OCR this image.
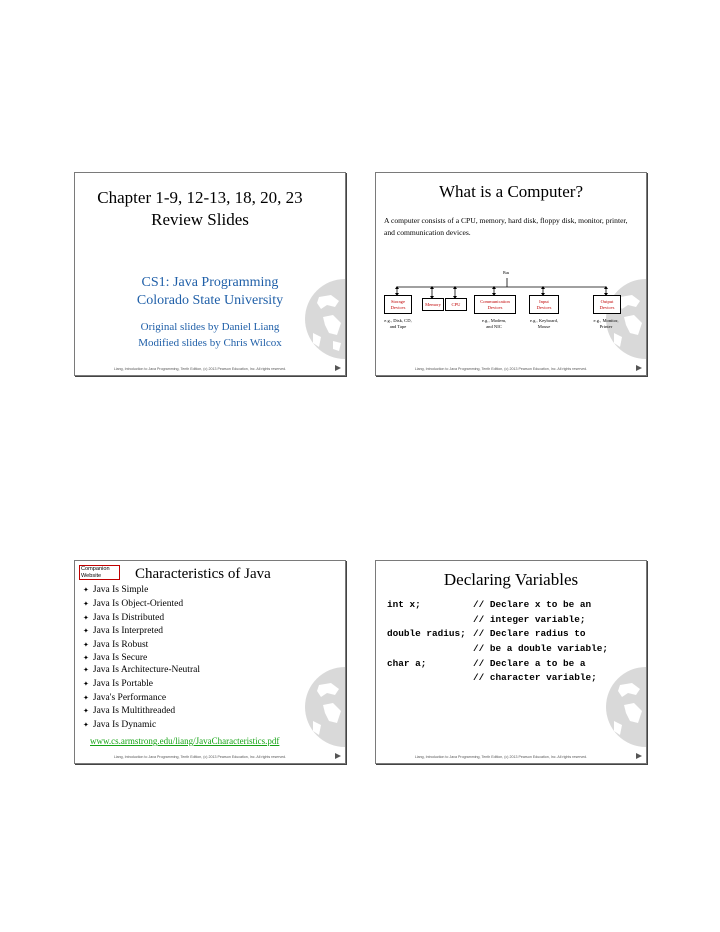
Chapter 1-9, 12-13, 18, 20, 23
Review Slides
CS1: Java Programming
Colorado State University
Original slides by Daniel Liang
Modified slides by Chris Wilcox
Liang, Introduction to Java Programming, Tenth Edition, (c) 2013 Pearson Education, Inc. All rights reserved.
What is a Computer?
A computer consists of a CPU, memory, hard disk, floppy disk, monitor, printer, and communication devices.
Bus
Storage
Devices
Memory CPU
Communication
Devices
Input
Devices
Output
Devices
e.g., Disk, CD,
and Tape
e.g., Modem,
and NIC
e.g., Keyboard,
Mouse
e.g., Monitor,
Printer
Liang, Introduction to Java Programming, Tenth Edition, (c) 2013 Pearson Education, Inc. All rights reserved.
Companion
Website	Characteristics of Java
✦ Java Is Simple
✦ Java Is Object-Oriented
✦ Java Is Distributed
✦ Java Is Interpreted
✦ Java Is Robust
✦ Java Is Secure
✦ Java Is Architecture-Neutral
✦ Java Is Portable
✦ Java's Performance
✦ Java Is Multithreaded
✦ Java Is Dynamic
www.cs.armstrong.edu/liang/JavaCharacteristics.pdf
Liang, Introduction to Java Programming, Tenth Edition, (c) 2013 Pearson Education, Inc. All rights reserved.
Declaring Variables
int x;	// Declare x to be an
// integer variable;
double radius; // Declare radius to
// be a double variable;
char a;	// Declare a to be a
// character variable;
Liang, Introduction to Java Programming, Tenth Edition, (c) 2013 Pearson Education, Inc. All rights reserved.
